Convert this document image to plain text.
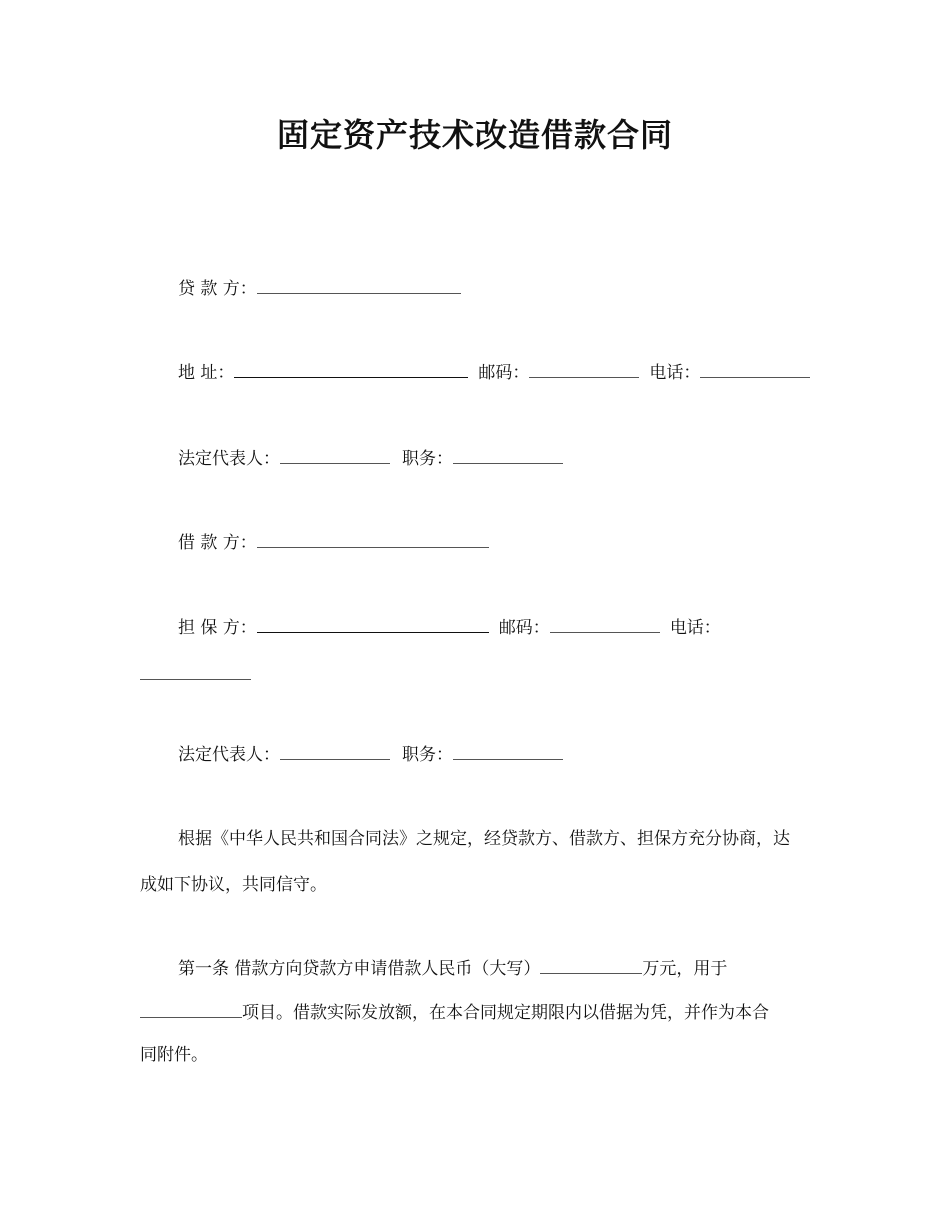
固定资产技术改造借款合同
贷 款 方：
地 址：	邮码：	电话：
法定代表人：	职务：
借 款 方：
担 保 方：	邮码：	电话：
法定代表人：	职务：
根据《中华人民共和国合同法》之规定，经贷款方、借款方、担保方充分协商，达
成如下协议，共同信守。
第一条 借款方向贷款方申请借款人民币（大写）	万元，用于
项目。借款实际发放额，在本合同规定期限内以借据为凭，并作为本合
同附件。
